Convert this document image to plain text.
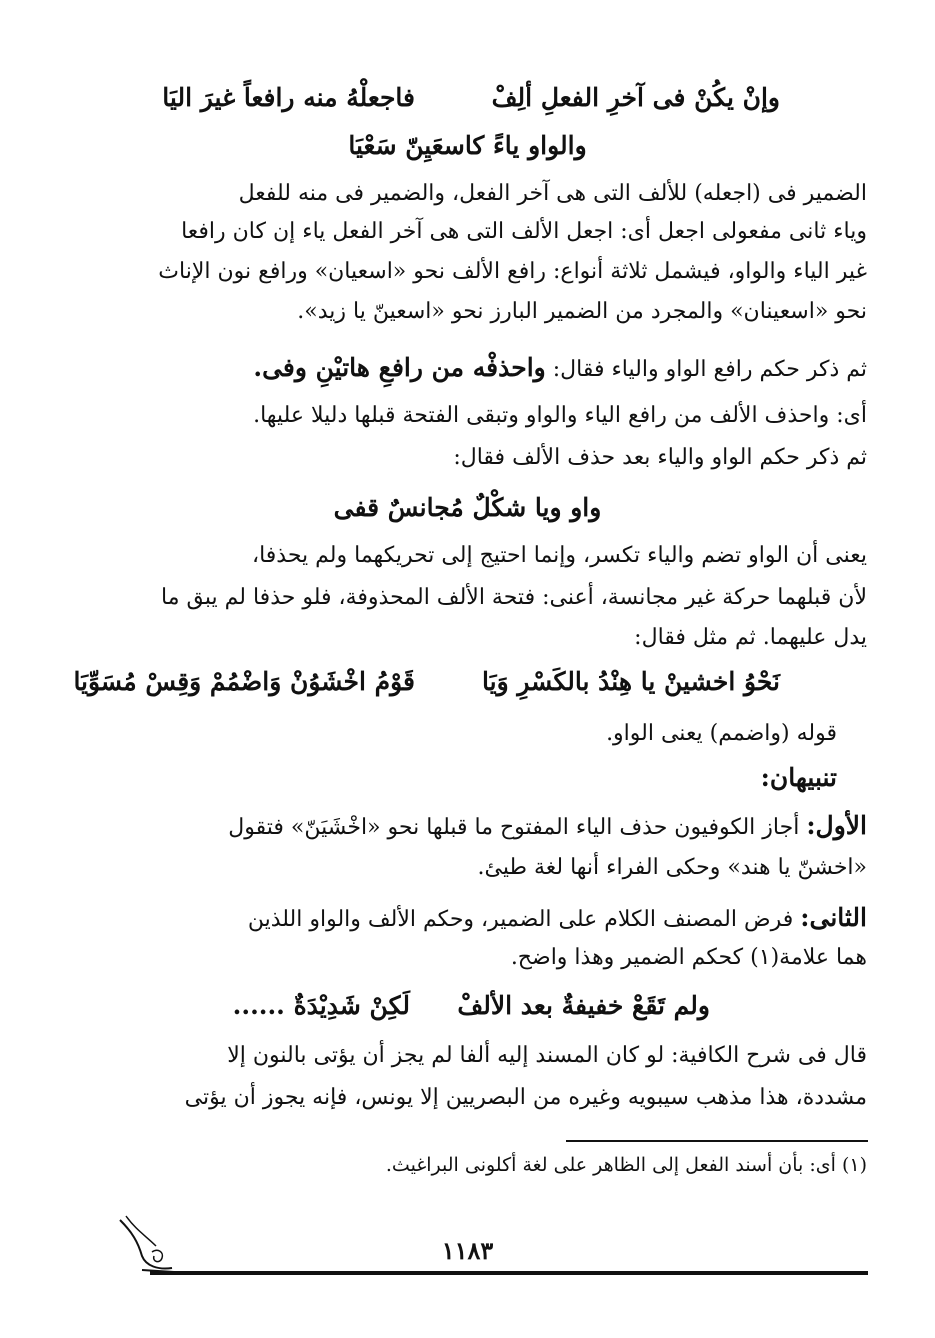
وإنْ يكُنْ فى آخرِ الفعلِ ألِفْ
فاجعلْهُ منه رافعاً غيرَ اليَا
والواو ياءً كاسعَيِنّ سَعْيَا
الضمير فى (اجعله) للألف التى هى آخر الفعل، والضمير فى منه للفعل
وياء ثانى مفعولى اجعل أى: اجعل الألف التى هى آخر الفعل ياء إن كان رافعا
غير الياء والواو، فيشمل ثلاثة أنواع: رافع الألف نحو «اسعيان» ورافع نون الإناث
نحو «اسعينان» والمجرد من الضمير البارز نحو «اسعينّ يا زيد».
ثم ذكر حكم رافع الواو والياء فقال: واحذفْه من رافعِ هاتيْنِ وفى.
أى: واحذف الألف من رافع الياء والواو وتبقى الفتحة قبلها دليلا عليها.
ثم ذكر حكم الواو والياء بعد حذف الألف فقال:
واو ويا شكْلٌ مُجانسٌ قفى
يعنى أن الواو تضم والياء تكسر، وإنما احتيج إلى تحريكهما ولم يحذفا،
لأن قبلهما حركة غير مجانسة، أعنى: فتحة الألف المحذوفة، فلو حذفا لم يبق ما
يدل عليهما. ثم مثل فقال:
نَحْوُ اخشينْ يا هِنْدُ بالكَسْرِ وَيَا
قَوْمُ اخْشَوُنْ وَاضْمُمْ وَقِسْ مُسَوِّيَا
قوله (واضمم) يعنى الواو.
تنبيهان:
الأول: أجاز الكوفيون حذف الياء المفتوح ما قبلها نحو «اخْشَيَنّ» فتقول
«اخشنّ يا هند» وحكى الفراء أنها لغة طيئ.
الثانى: فرض المصنف الكلام على الضمير، وحكم الألف والواو اللذين
هما علامة(١) كحكم الضمير وهذا واضح.
ولم تَقَعْ خفيفةٌ بعد الألفْ
لَكِنْ شَدِيْدَةٌ ......
قال فى شرح الكافية: لو كان المسند إليه ألفا لم يجز أن يؤتى بالنون إلا
مشددة، هذا مذهب سيبويه وغيره من البصريين إلا يونس، فإنه يجوز أن يؤتى
(١) أى: بأن أسند الفعل إلى الظاهر على لغة أكلونى البراغيث.
١١٨٣
